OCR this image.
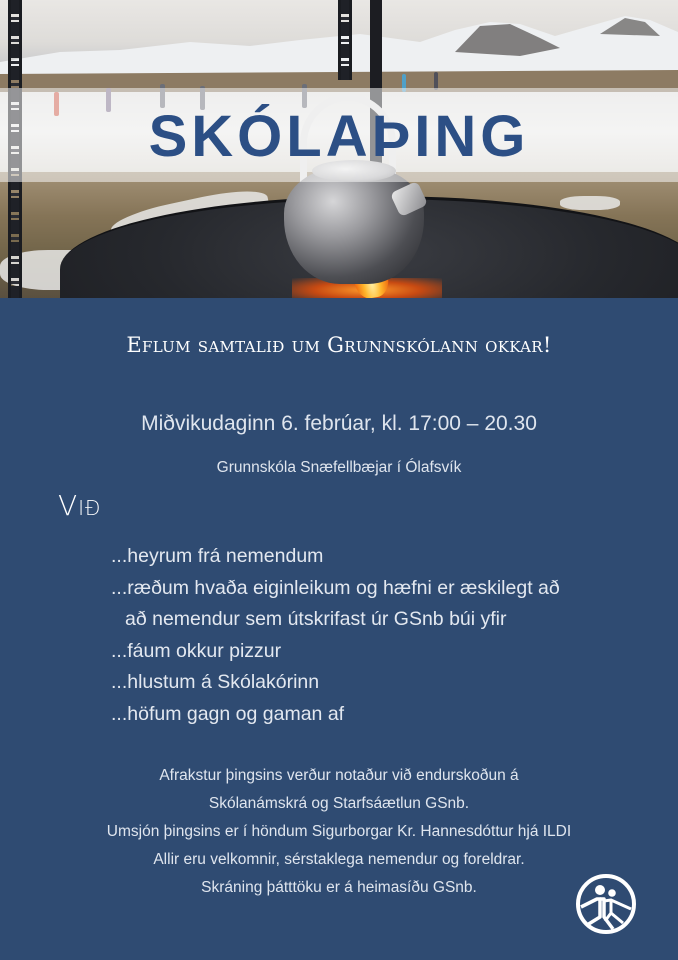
SKÓLAÞING
Eflum samtalið um Grunnskólann okkar!
Miðvikudaginn 6. febrúar, kl. 17:00 – 20.30
Grunnskóla Snæfellbæjar í Ólafsvík
Við
...heyrum frá nemendum
...ræðum hvaða eiginleikum og hæfni er æskilegt að
að nemendur sem útskrifast úr GSnb búi yfir
...fáum okkur pizzur
...hlustum á Skólakórinn
...höfum gagn og gaman af
Afrakstur þingsins verður notaður við endurskoðun á
Skólanámskrá og Starfsáætlun GSnb.
Umsjón þingsins er í höndum Sigurborgar Kr. Hannesdóttur hjá ILDI
Allir eru velkomnir, sérstaklega nemendur og foreldrar.
Skráning þátttöku er á heimasíðu GSnb.
